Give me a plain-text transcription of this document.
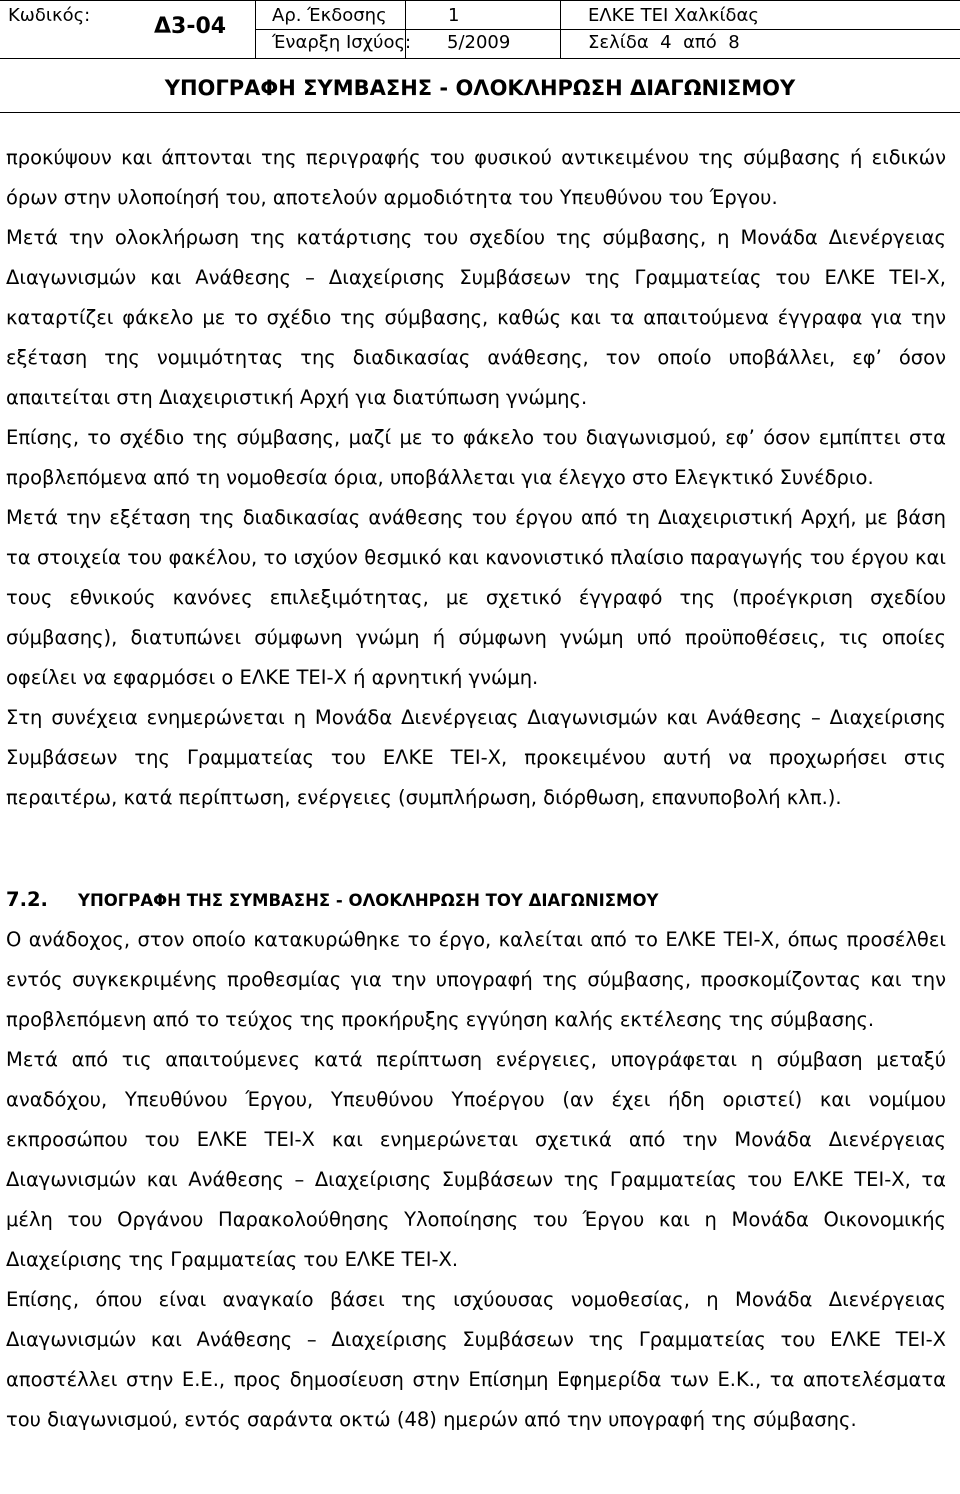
Κωδικός:	Δ3-04	Αρ. Έκδοσης	1	ΕΛΚΕ ΤΕΙ Χαλκίδας
Έναρξη Ισχύος: 5/2009	Σελίδα  4  από  8
ΥΠΟΓΡΑΦΗ ΣΥΜΒΑΣΗΣ - ΟΛΟΚΛΗΡΩΣΗ ΔΙΑΓΩΝΙΣΜΟΥ

προκύψουν και άπτονται της περιγραφής του φυσικού αντικειμένου της σύμβασης ή ειδικών όρων στην υλοποίησή του, αποτελούν αρμοδιότητα του Υπευθύνου του Έργου.

Μετά την ολοκλήρωση της κατάρτισης του σχεδίου της σύμβασης, η Μονάδα Διενέργειας Διαγωνισμών και Ανάθεσης – Διαχείρισης Συμβάσεων της Γραμματείας του ΕΛΚΕ ΤΕΙ-Χ, καταρτίζει φάκελο με το σχέδιο της σύμβασης, καθώς και τα απαιτούμενα έγγραφα για την εξέταση της νομιμότητας της διαδικασίας ανάθεσης, τον οποίο υποβάλλει, εφ’ όσον απαιτείται στη Διαχειριστική Αρχή για διατύπωση γνώμης.

Επίσης, το σχέδιο της σύμβασης, μαζί με το φάκελο του διαγωνισμού, εφ’ όσον εμπίπτει στα προβλεπόμενα από τη νομοθεσία όρια, υποβάλλεται για έλεγχο στο Ελεγκτικό Συνέδριο.

Μετά την εξέταση της διαδικασίας ανάθεσης του έργου από τη Διαχειριστική Αρχή, με βάση τα στοιχεία του φακέλου, το ισχύον θεσμικό και κανονιστικό πλαίσιο παραγωγής του έργου και τους εθνικούς κανόνες επιλεξιμότητας, με σχετικό έγγραφό της (προέγκριση σχεδίου σύμβασης), διατυπώνει σύμφωνη γνώμη ή σύμφωνη γνώμη υπό προϋποθέσεις, τις οποίες οφείλει να εφαρμόσει ο ΕΛΚΕ ΤΕΙ-Χ ή αρνητική γνώμη.

Στη συνέχεια ενημερώνεται η Μονάδα Διενέργειας Διαγωνισμών και Ανάθεσης – Διαχείρισης Συμβάσεων της Γραμματείας του ΕΛΚΕ ΤΕΙ-Χ, προκειμένου αυτή να προχωρήσει στις περαιτέρω, κατά περίπτωση, ενέργειες (συμπλήρωση, διόρθωση, επανυποβολή κλπ.).

7.2. ΥΠΟΓΡΑΦΗ ΤΗΣ ΣΥΜΒΑΣΗΣ - ΟΛΟΚΛΗΡΩΣΗ ΤΟΥ ΔΙΑΓΩΝΙΣΜΟΥ

Ο ανάδοχος, στον οποίο κατακυρώθηκε το έργο, καλείται από το ΕΛΚΕ ΤΕΙ-Χ, όπως προσέλθει εντός συγκεκριμένης προθεσμίας για την υπογραφή της σύμβασης, προσκομίζοντας και την προβλεπόμενη από το τεύχος της προκήρυξης εγγύηση καλής εκτέλεσης της σύμβασης.

Μετά από τις απαιτούμενες κατά περίπτωση ενέργειες, υπογράφεται η σύμβαση μεταξύ αναδόχου, Υπευθύνου Έργου, Υπευθύνου Υποέργου (αν έχει ήδη οριστεί) και νομίμου εκπροσώπου του ΕΛΚΕ ΤΕΙ-Χ και ενημερώνεται σχετικά από την Μονάδα Διενέργειας Διαγωνισμών και Ανάθεσης – Διαχείρισης Συμβάσεων της Γραμματείας του ΕΛΚΕ ΤΕΙ-Χ, τα μέλη του Οργάνου Παρακολούθησης Υλοποίησης του Έργου και η Μονάδα Οικονομικής Διαχείρισης της Γραμματείας του ΕΛΚΕ ΤΕΙ-Χ.

Επίσης, όπου είναι αναγκαίο βάσει της ισχύουσας νομοθεσίας, η Μονάδα Διενέργειας Διαγωνισμών και Ανάθεσης – Διαχείρισης Συμβάσεων της Γραμματείας του ΕΛΚΕ ΤΕΙ-Χ αποστέλλει στην Ε.Ε., προς δημοσίευση στην Επίσημη Εφημερίδα των Ε.Κ., τα αποτελέσματα του διαγωνισμού, εντός σαράντα οκτώ (48) ημερών από την υπογραφή της σύμβασης.
